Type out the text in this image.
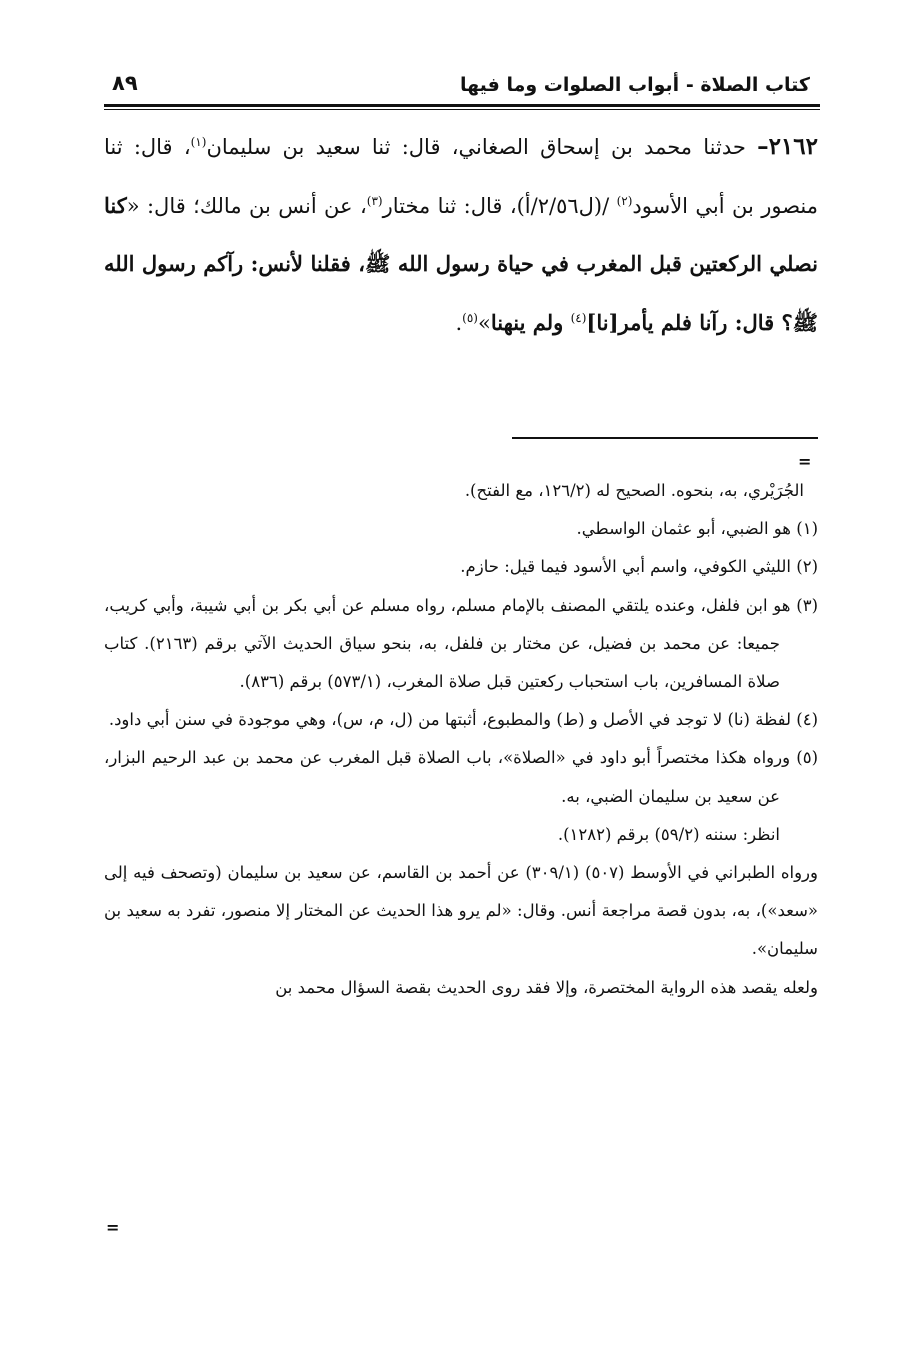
كتاب الصلاة - أبواب الصلوات وما فيها
٨٩

٢١٦٢– حدثنا محمد بن إسحاق الصغاني، قال: ثنا سعيد بن سليمان$^{(١)}$، قال: ثنا منصور بن أبي الأسود$^{(٢)}$ /(ل٢/٥٦/أ)، قال: ثنا مختار$^{(٣)}$، عن أنس بن مالك؛ قال: «كنا نصلي الركعتين قبل المغرب في حياة رسول الله ﷺ، فقلنا لأنس: رآكم رسول الله ﷺ؟ قال: رآنا فلم يأمر[نا]$^{(٤)}$ ولم ينهنا»$^{(٥)}$.

=

الجُرَيْري، به، بنحوه. الصحيح له (١٢٦/٢، مع الفتح).

(١) هو الضبي، أبو عثمان الواسطي.

(٢) الليثي الكوفي، واسم أبي الأسود فيما قيل: حازم.

(٣) هو ابن فلفل، وعنده يلتقي المصنف بالإمام مسلم، رواه مسلم عن أبي بكر بن أبي شيبة، وأبي كريب، جميعا: عن محمد بن فضيل، عن مختار بن فلفل، به، بنحو سياق الحديث الآتي برقم (٢١٦٣). كتاب صلاة المسافرين، باب استحباب ركعتين قبل صلاة المغرب، (٥٧٣/١) برقم (٨٣٦).

(٤) لفظة (نا) لا توجد في الأصل و (ط) والمطبوع، أثبتها من (ل، م، س)، وهي موجودة في سنن أبي داود.

(٥) ورواه هكذا مختصراً أبو داود في «الصلاة»، باب الصلاة قبل المغرب عن محمد بن عبد الرحيم البزار، عن سعيد بن سليمان الضبي، به.

انظر: سننه (٥٩/٢) برقم (١٢٨٢).

ورواه الطبراني في الأوسط (٥٠٧) (٣٠٩/١) عن أحمد بن القاسم، عن سعيد بن سليمان (وتصحف فيه إلى «سعد»)، به، بدون قصة مراجعة أنس. وقال: «لم يرو هذا الحديث عن المختار إلا منصور، تفرد به سعيد بن سليمان».

ولعله يقصد هذه الرواية المختصرة، وإلا فقد روى الحديث بقصة السؤال محمد بن

=
